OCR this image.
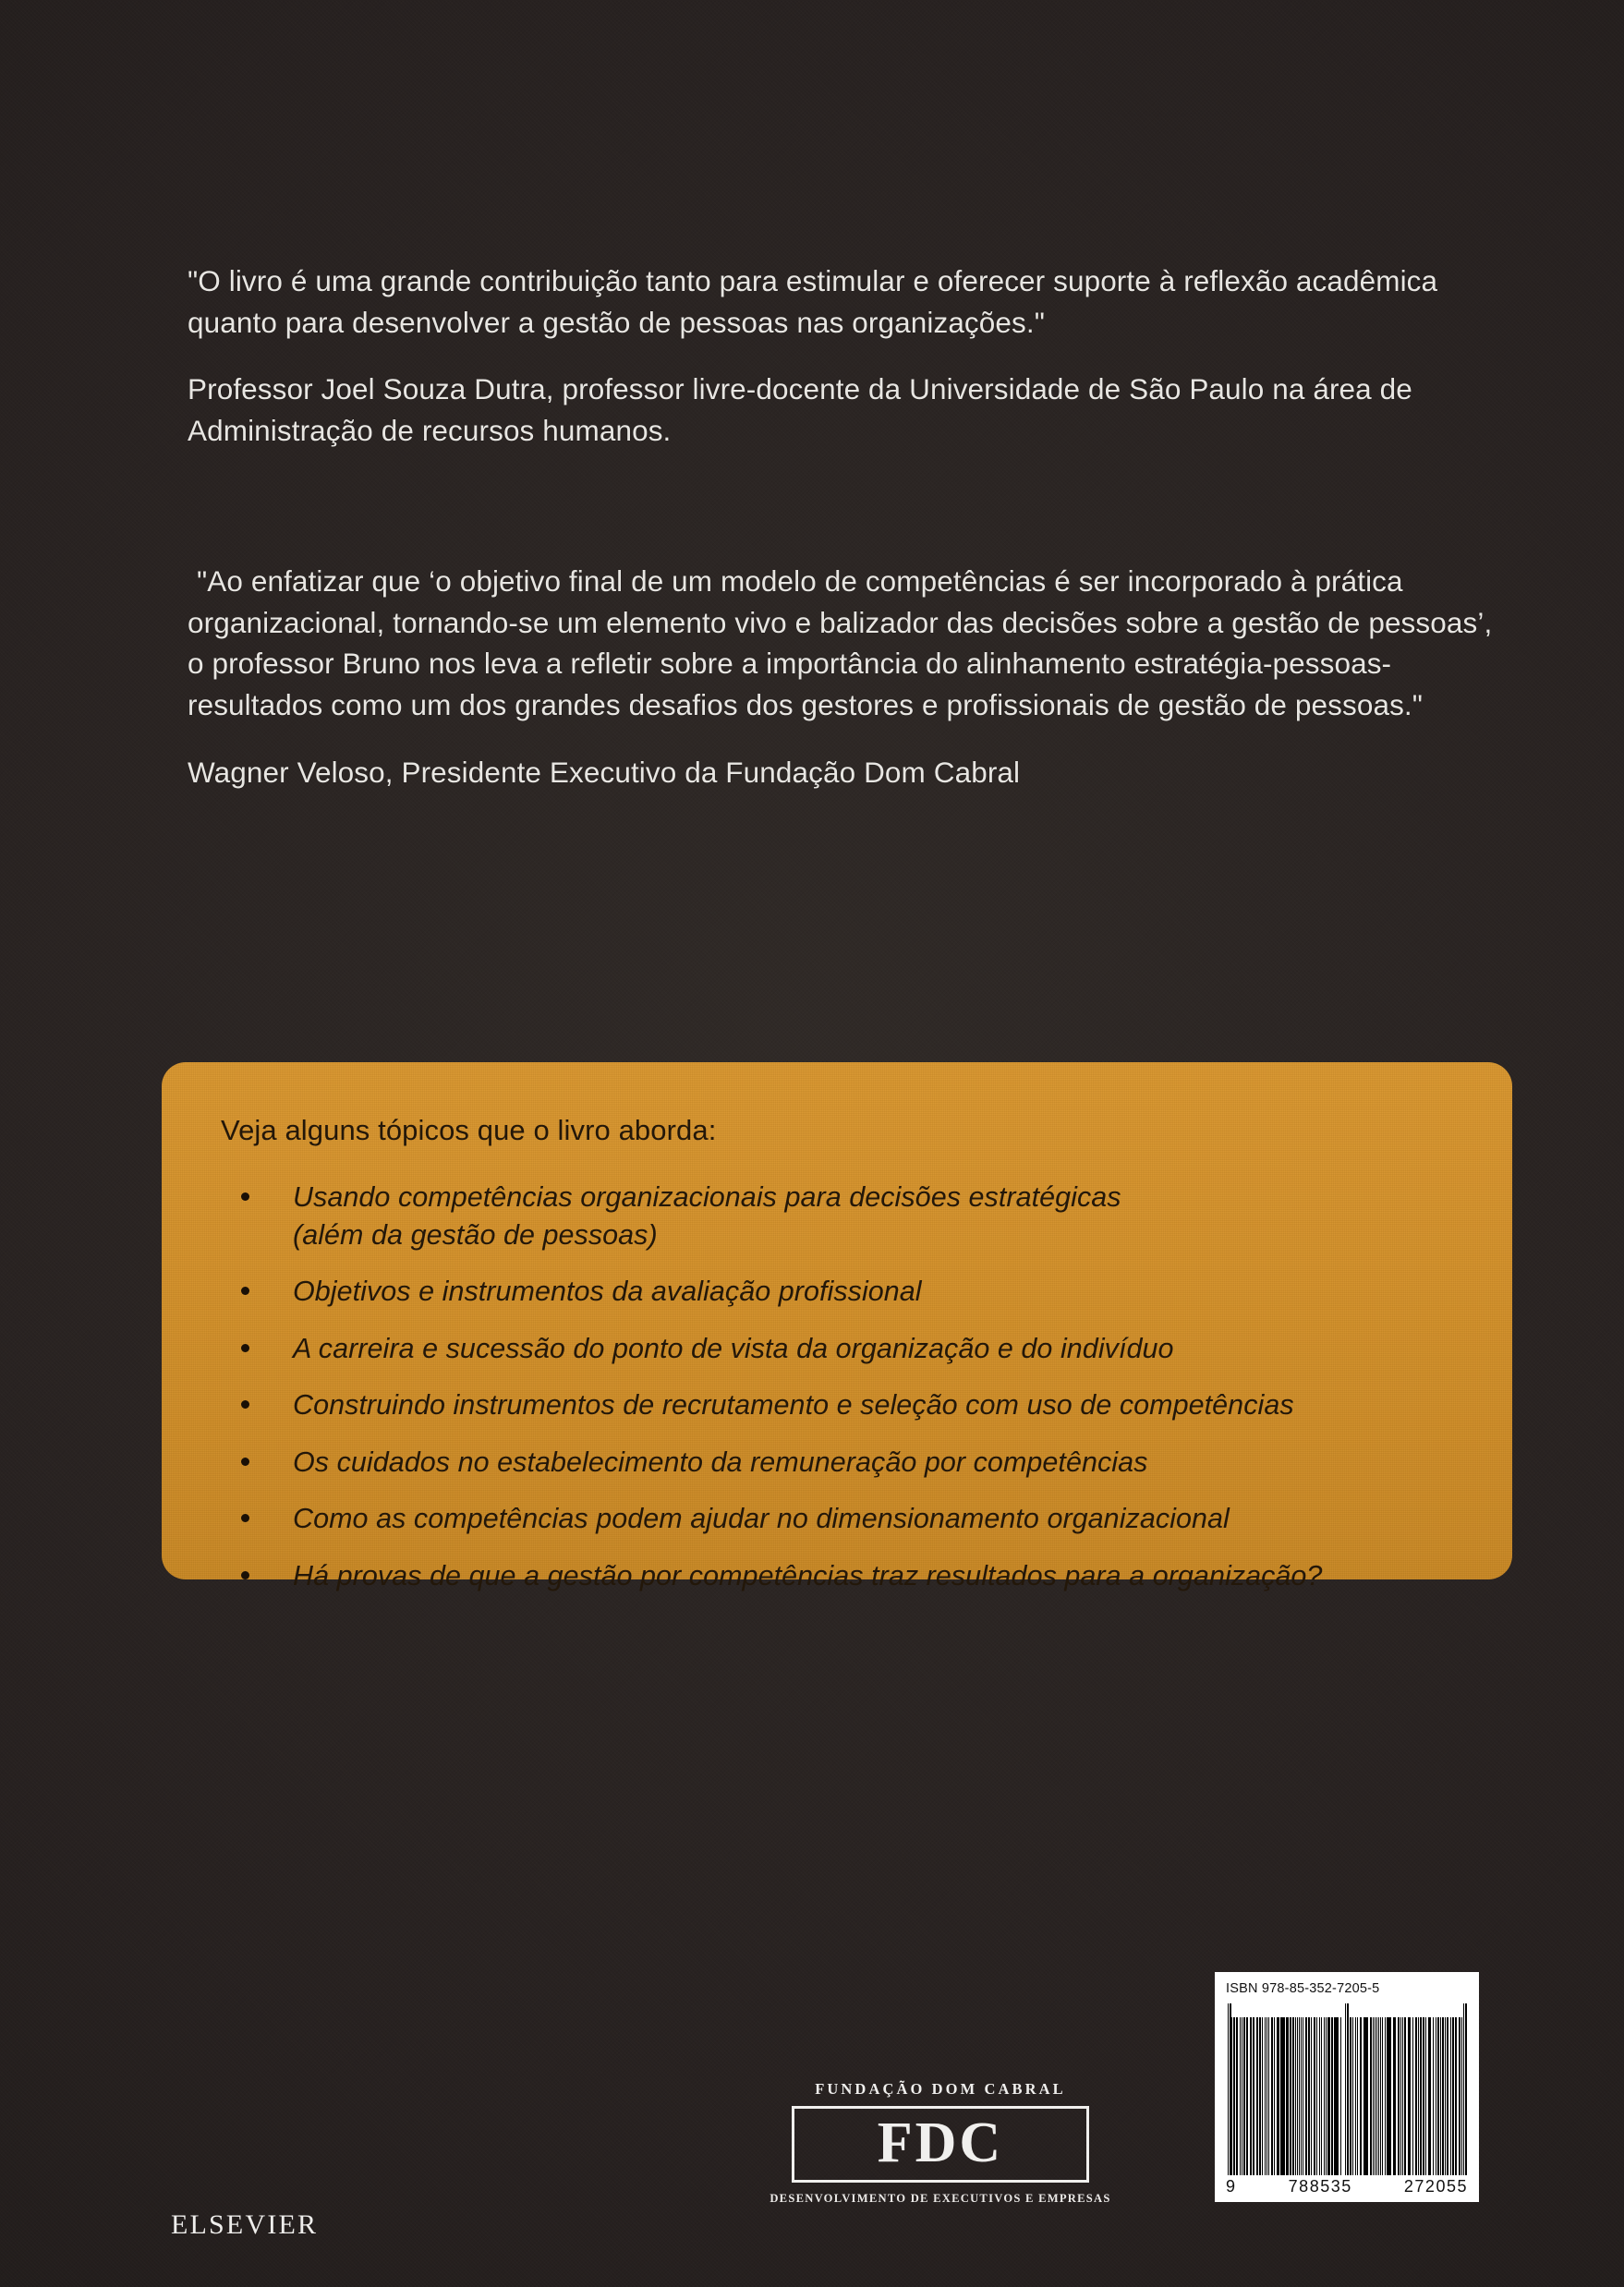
"O livro é uma grande contribuição tanto para estimular e oferecer suporte à reflexão acadêmica quanto para desenvolver a gestão de pessoas nas organizações."

Professor Joel Souza Dutra, professor livre-docente da Universidade de São Paulo na área de Administração de recursos humanos.

"Ao enfatizar que ‘o objetivo final de um modelo de competências é ser incorporado à prática organizacional, tornando-se um elemento vivo e balizador das decisões sobre a gestão de pessoas’, o professor Bruno nos leva a refletir sobre a importância do alinhamento estratégia-pessoas-resultados como um dos grandes desafios dos gestores e profissionais de gestão de pessoas."

Wagner Veloso, Presidente Executivo da Fundação Dom Cabral

Veja alguns tópicos que o livro aborda:
Usando competências organizacionais para decisões estratégicas
(além da gestão de pessoas)
Objetivos e instrumentos da avaliação profissional
A carreira e sucessão do ponto de vista da organização e do indivíduo
Construindo instrumentos de recrutamento e seleção com uso de competências
Os cuidados no estabelecimento da remuneração por competências
Como as competências podem ajudar no dimensionamento organizacional
Há provas de que a gestão por competências traz resultados para a organização?
ELSEVIER
FUNDAÇÃO DOM CABRAL
FDC
DESENVOLVIMENTO DE EXECUTIVOS E EMPRESAS
ISBN 978-85-352-7205-5
9	788535	272055
